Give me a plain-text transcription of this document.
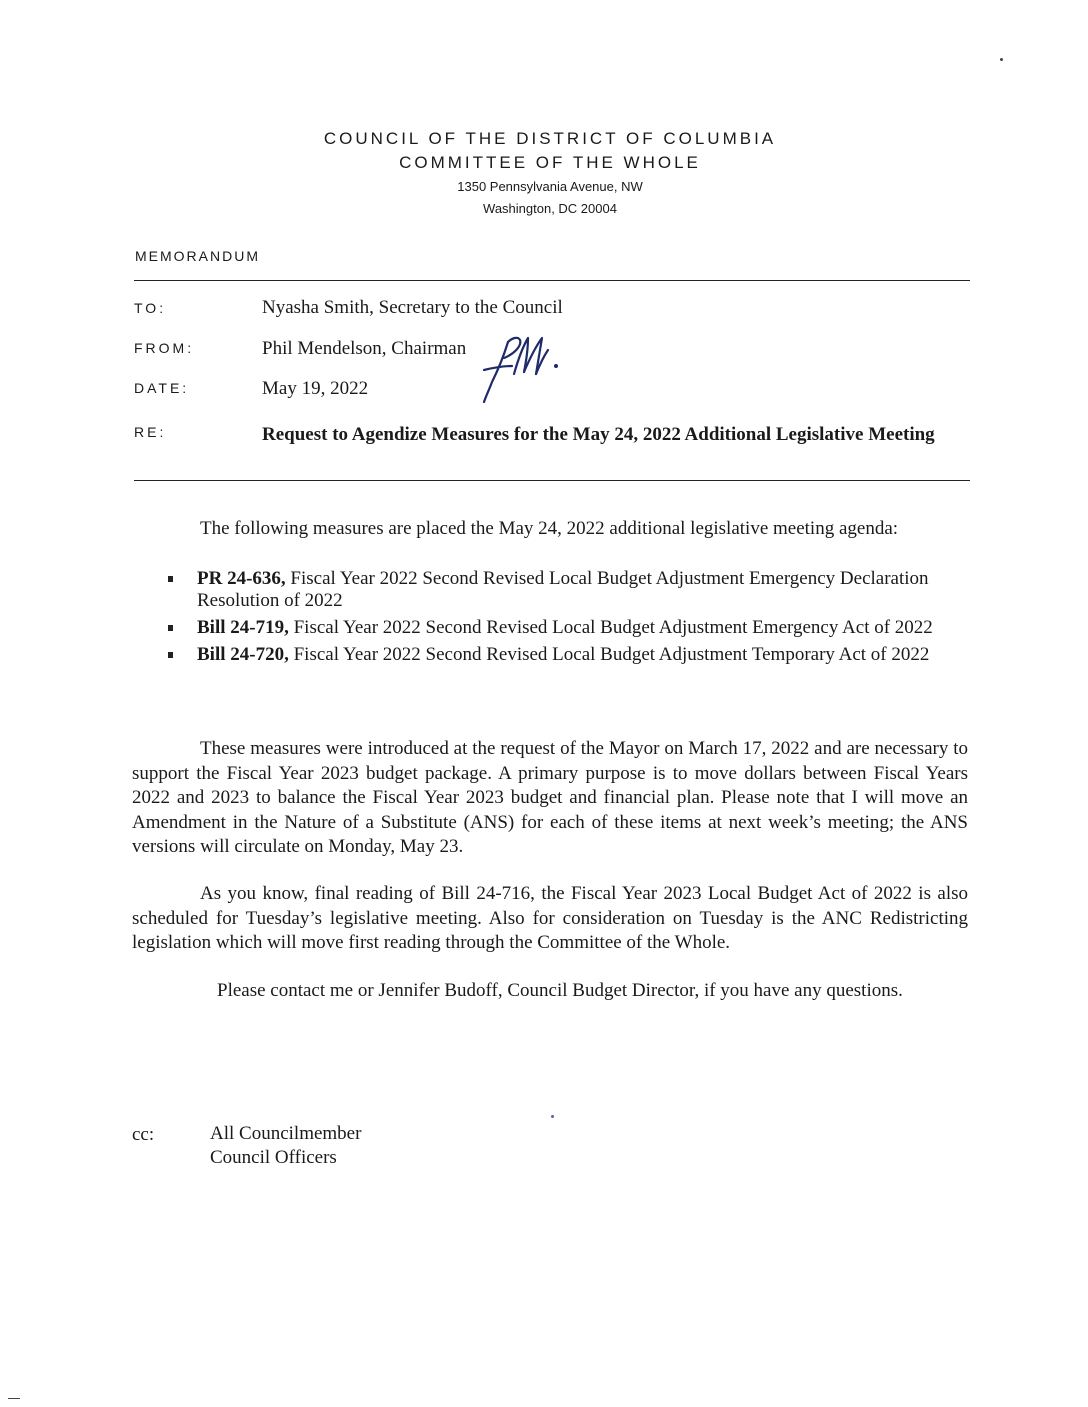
COUNCIL OF THE DISTRICT OF COLUMBIA
COMMITTEE OF THE WHOLE
1350 Pennsylvania Avenue, NW
Washington, DC 20004
MEMORANDUM
TO:	Nyasha Smith, Secretary to the Council
FROM:	Phil Mendelson, Chairman
DATE:	May 19, 2022
RE:	Request to Agendize Measures for the May 24, 2022 Additional Legislative Meeting
The following measures are placed the May 24, 2022 additional legislative meeting agenda:
PR 24-636, Fiscal Year 2022 Second Revised Local Budget Adjustment Emergency Declaration Resolution of 2022
Bill 24-719, Fiscal Year 2022 Second Revised Local Budget Adjustment Emergency Act of 2022
Bill 24-720, Fiscal Year 2022 Second Revised Local Budget Adjustment Temporary Act of 2022
These measures were introduced at the request of the Mayor on March 17, 2022 and are necessary to support the Fiscal Year 2023 budget package. A primary purpose is to move dollars between Fiscal Years 2022 and 2023 to balance the Fiscal Year 2023 budget and financial plan. Please note that I will move an Amendment in the Nature of a Substitute (ANS) for each of these items at next week’s meeting; the ANS versions will circulate on Monday, May 23.
As you know, final reading of Bill 24-716, the Fiscal Year 2023 Local Budget Act of 2022 is also scheduled for Tuesday’s legislative meeting. Also for consideration on Tuesday is the ANC Redistricting legislation which will move first reading through the Committee of the Whole.
Please contact me or Jennifer Budoff, Council Budget Director, if you have any questions.
cc:	All Councilmember
Council Officers
